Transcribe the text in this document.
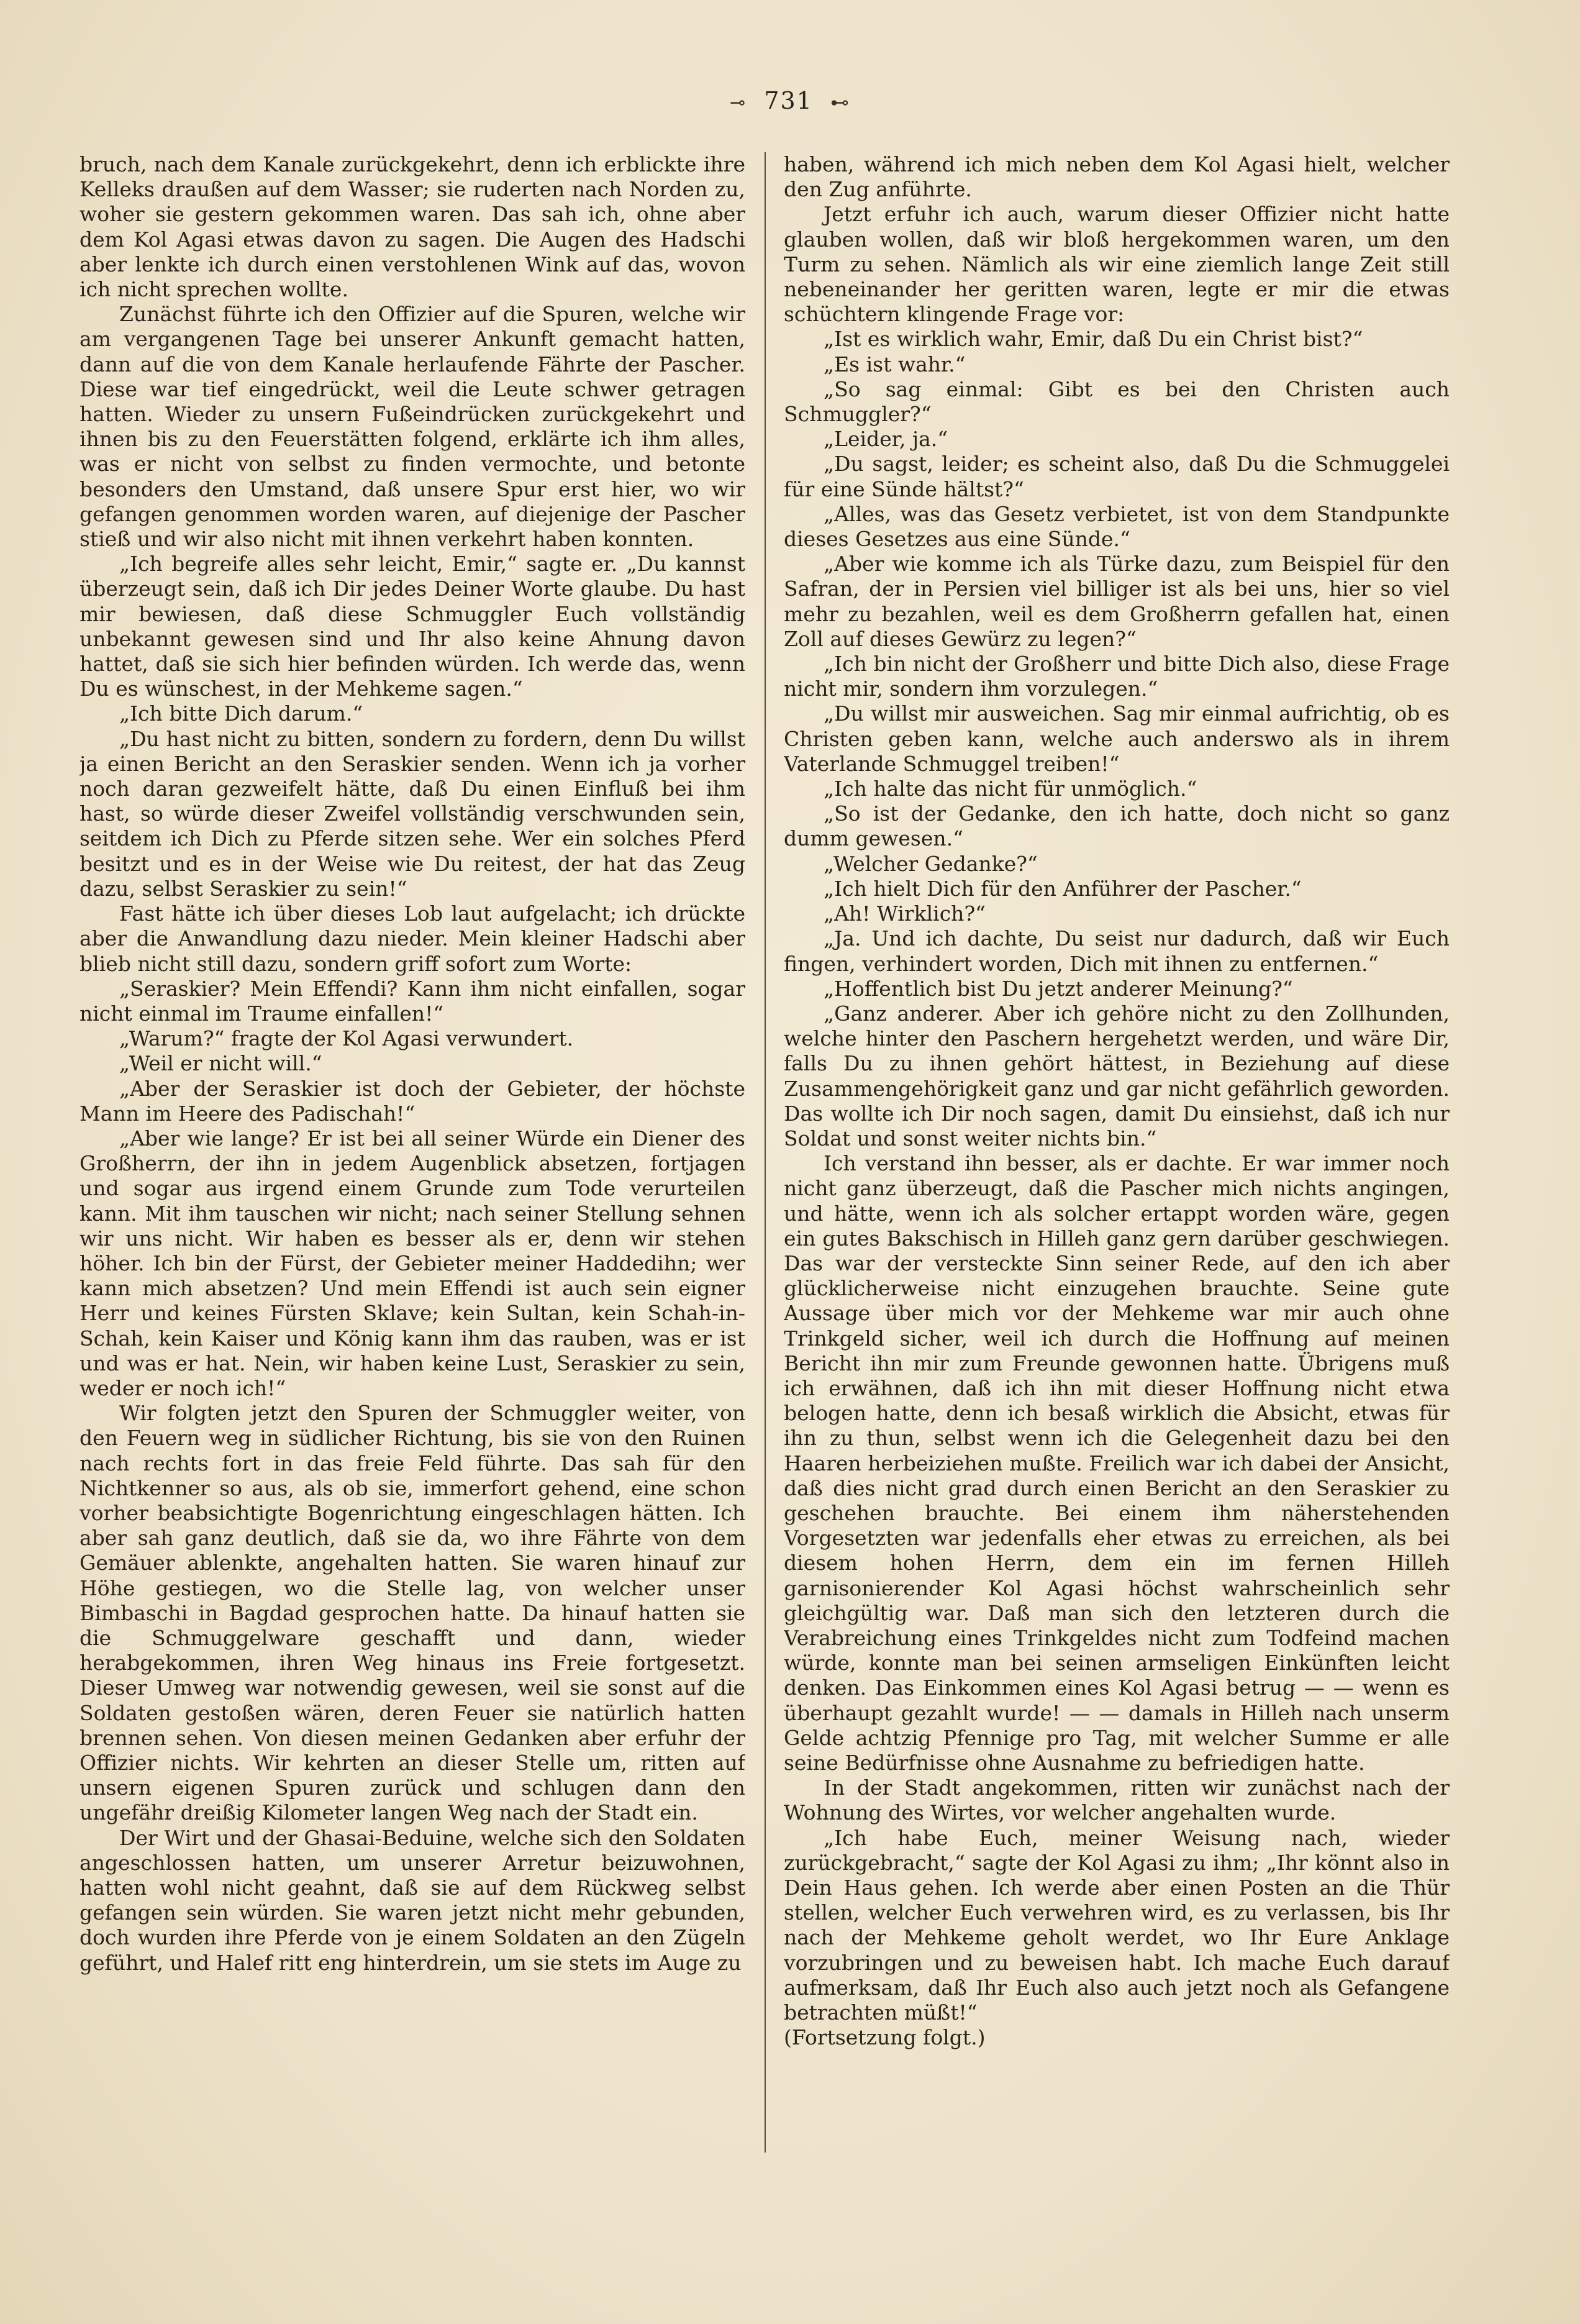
⊸ 731 ⊷

bruch, nach dem Kanale zurückgekehrt, denn ich erblickte ihre Kelleks draußen auf dem Wasser; sie ruderten nach Norden zu, woher sie gestern gekommen waren. Das sah ich, ohne aber dem Kol Agasi etwas davon zu sagen. Die Augen des Hadschi aber lenkte ich durch einen verstohlenen Wink auf das, wovon ich nicht sprechen wollte.

Zunächst führte ich den Offizier auf die Spuren, welche wir am vergangenen Tage bei unserer Ankunft gemacht hatten, dann auf die von dem Kanale herlaufende Fährte der Pascher. Diese war tief eingedrückt, weil die Leute schwer getragen hatten. Wieder zu unsern Fußeindrücken zurückgekehrt und ihnen bis zu den Feuerstätten folgend, erklärte ich ihm alles, was er nicht von selbst zu finden vermochte, und betonte besonders den Umstand, daß unsere Spur erst hier, wo wir gefangen genommen worden waren, auf diejenige der Pascher stieß und wir also nicht mit ihnen verkehrt haben konnten.

„Ich begreife alles sehr leicht, Emir,“ sagte er. „Du kannst überzeugt sein, daß ich Dir jedes Deiner Worte glaube. Du hast mir bewiesen, daß diese Schmuggler Euch vollständig unbekannt gewesen sind und Ihr also keine Ahnung davon hattet, daß sie sich hier befinden würden. Ich werde das, wenn Du es wünschest, in der Mehkeme sagen.“

„Ich bitte Dich darum.“

„Du hast nicht zu bitten, sondern zu fordern, denn Du willst ja einen Bericht an den Seraskier senden. Wenn ich ja vorher noch daran gezweifelt hätte, daß Du einen Einfluß bei ihm hast, so würde dieser Zweifel vollständig verschwunden sein, seitdem ich Dich zu Pferde sitzen sehe. Wer ein solches Pferd besitzt und es in der Weise wie Du reitest, der hat das Zeug dazu, selbst Seraskier zu sein!“

Fast hätte ich über dieses Lob laut aufgelacht; ich drückte aber die Anwandlung dazu nieder. Mein kleiner Hadschi aber blieb nicht still dazu, sondern griff sofort zum Worte:

„Seraskier? Mein Effendi? Kann ihm nicht einfallen, sogar nicht einmal im Traume einfallen!“

„Warum?“ fragte der Kol Agasi verwundert.

„Weil er nicht will.“

„Aber der Seraskier ist doch der Gebieter, der höchste Mann im Heere des Padischah!“

„Aber wie lange? Er ist bei all seiner Würde ein Diener des Großherrn, der ihn in jedem Augenblick absetzen, fortjagen und sogar aus irgend einem Grunde zum Tode verurteilen kann. Mit ihm tauschen wir nicht; nach seiner Stellung sehnen wir uns nicht. Wir haben es besser als er, denn wir stehen höher. Ich bin der Fürst, der Gebieter meiner Haddedihn; wer kann mich absetzen? Und mein Effendi ist auch sein eigner Herr und keines Fürsten Sklave; kein Sultan, kein Schah-in-Schah, kein Kaiser und König kann ihm das rauben, was er ist und was er hat. Nein, wir haben keine Lust, Seraskier zu sein, weder er noch ich!“

Wir folgten jetzt den Spuren der Schmuggler weiter, von den Feuern weg in südlicher Richtung, bis sie von den Ruinen nach rechts fort in das freie Feld führte. Das sah für den Nichtkenner so aus, als ob sie, immerfort gehend, eine schon vorher beabsichtigte Bogenrichtung eingeschlagen hätten. Ich aber sah ganz deutlich, daß sie da, wo ihre Fährte von dem Gemäuer ablenkte, angehalten hatten. Sie waren hinauf zur Höhe gestiegen, wo die Stelle lag, von welcher unser Bimbaschi in Bagdad gesprochen hatte. Da hinauf hatten sie die Schmuggelware geschafft und dann, wieder herabgekommen, ihren Weg hinaus ins Freie fortgesetzt. Dieser Umweg war notwendig gewesen, weil sie sonst auf die Soldaten gestoßen wären, deren Feuer sie natürlich hatten brennen sehen. Von diesen meinen Gedanken aber erfuhr der Offizier nichts. Wir kehrten an dieser Stelle um, ritten auf unsern eigenen Spuren zurück und schlugen dann den ungefähr dreißig Kilometer langen Weg nach der Stadt ein.

Der Wirt und der Ghasai-Beduine, welche sich den Soldaten angeschlossen hatten, um unserer Arretur beizuwohnen, hatten wohl nicht geahnt, daß sie auf dem Rückweg selbst gefangen sein würden. Sie waren jetzt nicht mehr gebunden, doch wurden ihre Pferde von je einem Soldaten an den Zügeln geführt, und Halef ritt eng hinterdrein, um sie stets im Auge zu

haben, während ich mich neben dem Kol Agasi hielt, welcher den Zug anführte.

Jetzt erfuhr ich auch, warum dieser Offizier nicht hatte glauben wollen, daß wir bloß hergekommen waren, um den Turm zu sehen. Nämlich als wir eine ziemlich lange Zeit still nebeneinander her geritten waren, legte er mir die etwas schüchtern klingende Frage vor:

„Ist es wirklich wahr, Emir, daß Du ein Christ bist?“

„Es ist wahr.“

„So sag einmal: Gibt es bei den Christen auch Schmuggler?“

„Leider, ja.“

„Du sagst, leider; es scheint also, daß Du die Schmuggelei für eine Sünde hältst?“

„Alles, was das Gesetz verbietet, ist von dem Standpunkte dieses Gesetzes aus eine Sünde.“

„Aber wie komme ich als Türke dazu, zum Beispiel für den Safran, der in Persien viel billiger ist als bei uns, hier so viel mehr zu bezahlen, weil es dem Großherrn gefallen hat, einen Zoll auf dieses Gewürz zu legen?“

„Ich bin nicht der Großherr und bitte Dich also, diese Frage nicht mir, sondern ihm vorzulegen.“

„Du willst mir ausweichen. Sag mir einmal aufrichtig, ob es Christen geben kann, welche auch anderswo als in ihrem Vaterlande Schmuggel treiben!“

„Ich halte das nicht für unmöglich.“

„So ist der Gedanke, den ich hatte, doch nicht so ganz dumm gewesen.“

„Welcher Gedanke?“

„Ich hielt Dich für den Anführer der Pascher.“

„Ah! Wirklich?“

„Ja. Und ich dachte, Du seist nur dadurch, daß wir Euch fingen, verhindert worden, Dich mit ihnen zu entfernen.“

„Hoffentlich bist Du jetzt anderer Meinung?“

„Ganz anderer. Aber ich gehöre nicht zu den Zollhunden, welche hinter den Paschern hergehetzt werden, und wäre Dir, falls Du zu ihnen gehört hättest, in Beziehung auf diese Zusammengehörigkeit ganz und gar nicht gefährlich geworden. Das wollte ich Dir noch sagen, damit Du einsiehst, daß ich nur Soldat und sonst weiter nichts bin.“

Ich verstand ihn besser, als er dachte. Er war immer noch nicht ganz überzeugt, daß die Pascher mich nichts angingen, und hätte, wenn ich als solcher ertappt worden wäre, gegen ein gutes Bakschisch in Hilleh ganz gern darüber geschwiegen. Das war der versteckte Sinn seiner Rede, auf den ich aber glücklicherweise nicht einzugehen brauchte. Seine gute Aussage über mich vor der Mehkeme war mir auch ohne Trinkgeld sicher, weil ich durch die Hoffnung auf meinen Bericht ihn mir zum Freunde gewonnen hatte. Übrigens muß ich erwähnen, daß ich ihn mit dieser Hoffnung nicht etwa belogen hatte, denn ich besaß wirklich die Absicht, etwas für ihn zu thun, selbst wenn ich die Gelegenheit dazu bei den Haaren herbeiziehen mußte. Freilich war ich dabei der Ansicht, daß dies nicht grad durch einen Bericht an den Seraskier zu geschehen brauchte. Bei einem ihm näherstehenden Vorgesetzten war jedenfalls eher etwas zu erreichen, als bei diesem hohen Herrn, dem ein im fernen Hilleh garnisonierender Kol Agasi höchst wahrscheinlich sehr gleichgültig war. Daß man sich den letzteren durch die Verabreichung eines Trinkgeldes nicht zum Todfeind machen würde, konnte man bei seinen armseligen Einkünften leicht denken. Das Einkommen eines Kol Agasi betrug — — wenn es überhaupt gezahlt wurde! — — damals in Hilleh nach unserm Gelde achtzig Pfennige pro Tag, mit welcher Summe er alle seine Bedürfnisse ohne Ausnahme zu befriedigen hatte.

In der Stadt angekommen, ritten wir zunächst nach der Wohnung des Wirtes, vor welcher angehalten wurde.

„Ich habe Euch, meiner Weisung nach, wieder zurückgebracht,“ sagte der Kol Agasi zu ihm; „Ihr könnt also in Dein Haus gehen. Ich werde aber einen Posten an die Thür stellen, welcher Euch verwehren wird, es zu verlassen, bis Ihr nach der Mehkeme geholt werdet, wo Ihr Eure Anklage vorzubringen und zu beweisen habt. Ich mache Euch darauf aufmerksam, daß Ihr Euch also auch jetzt noch als Gefangene betrachten müßt!“

(Fortsetzung folgt.)
